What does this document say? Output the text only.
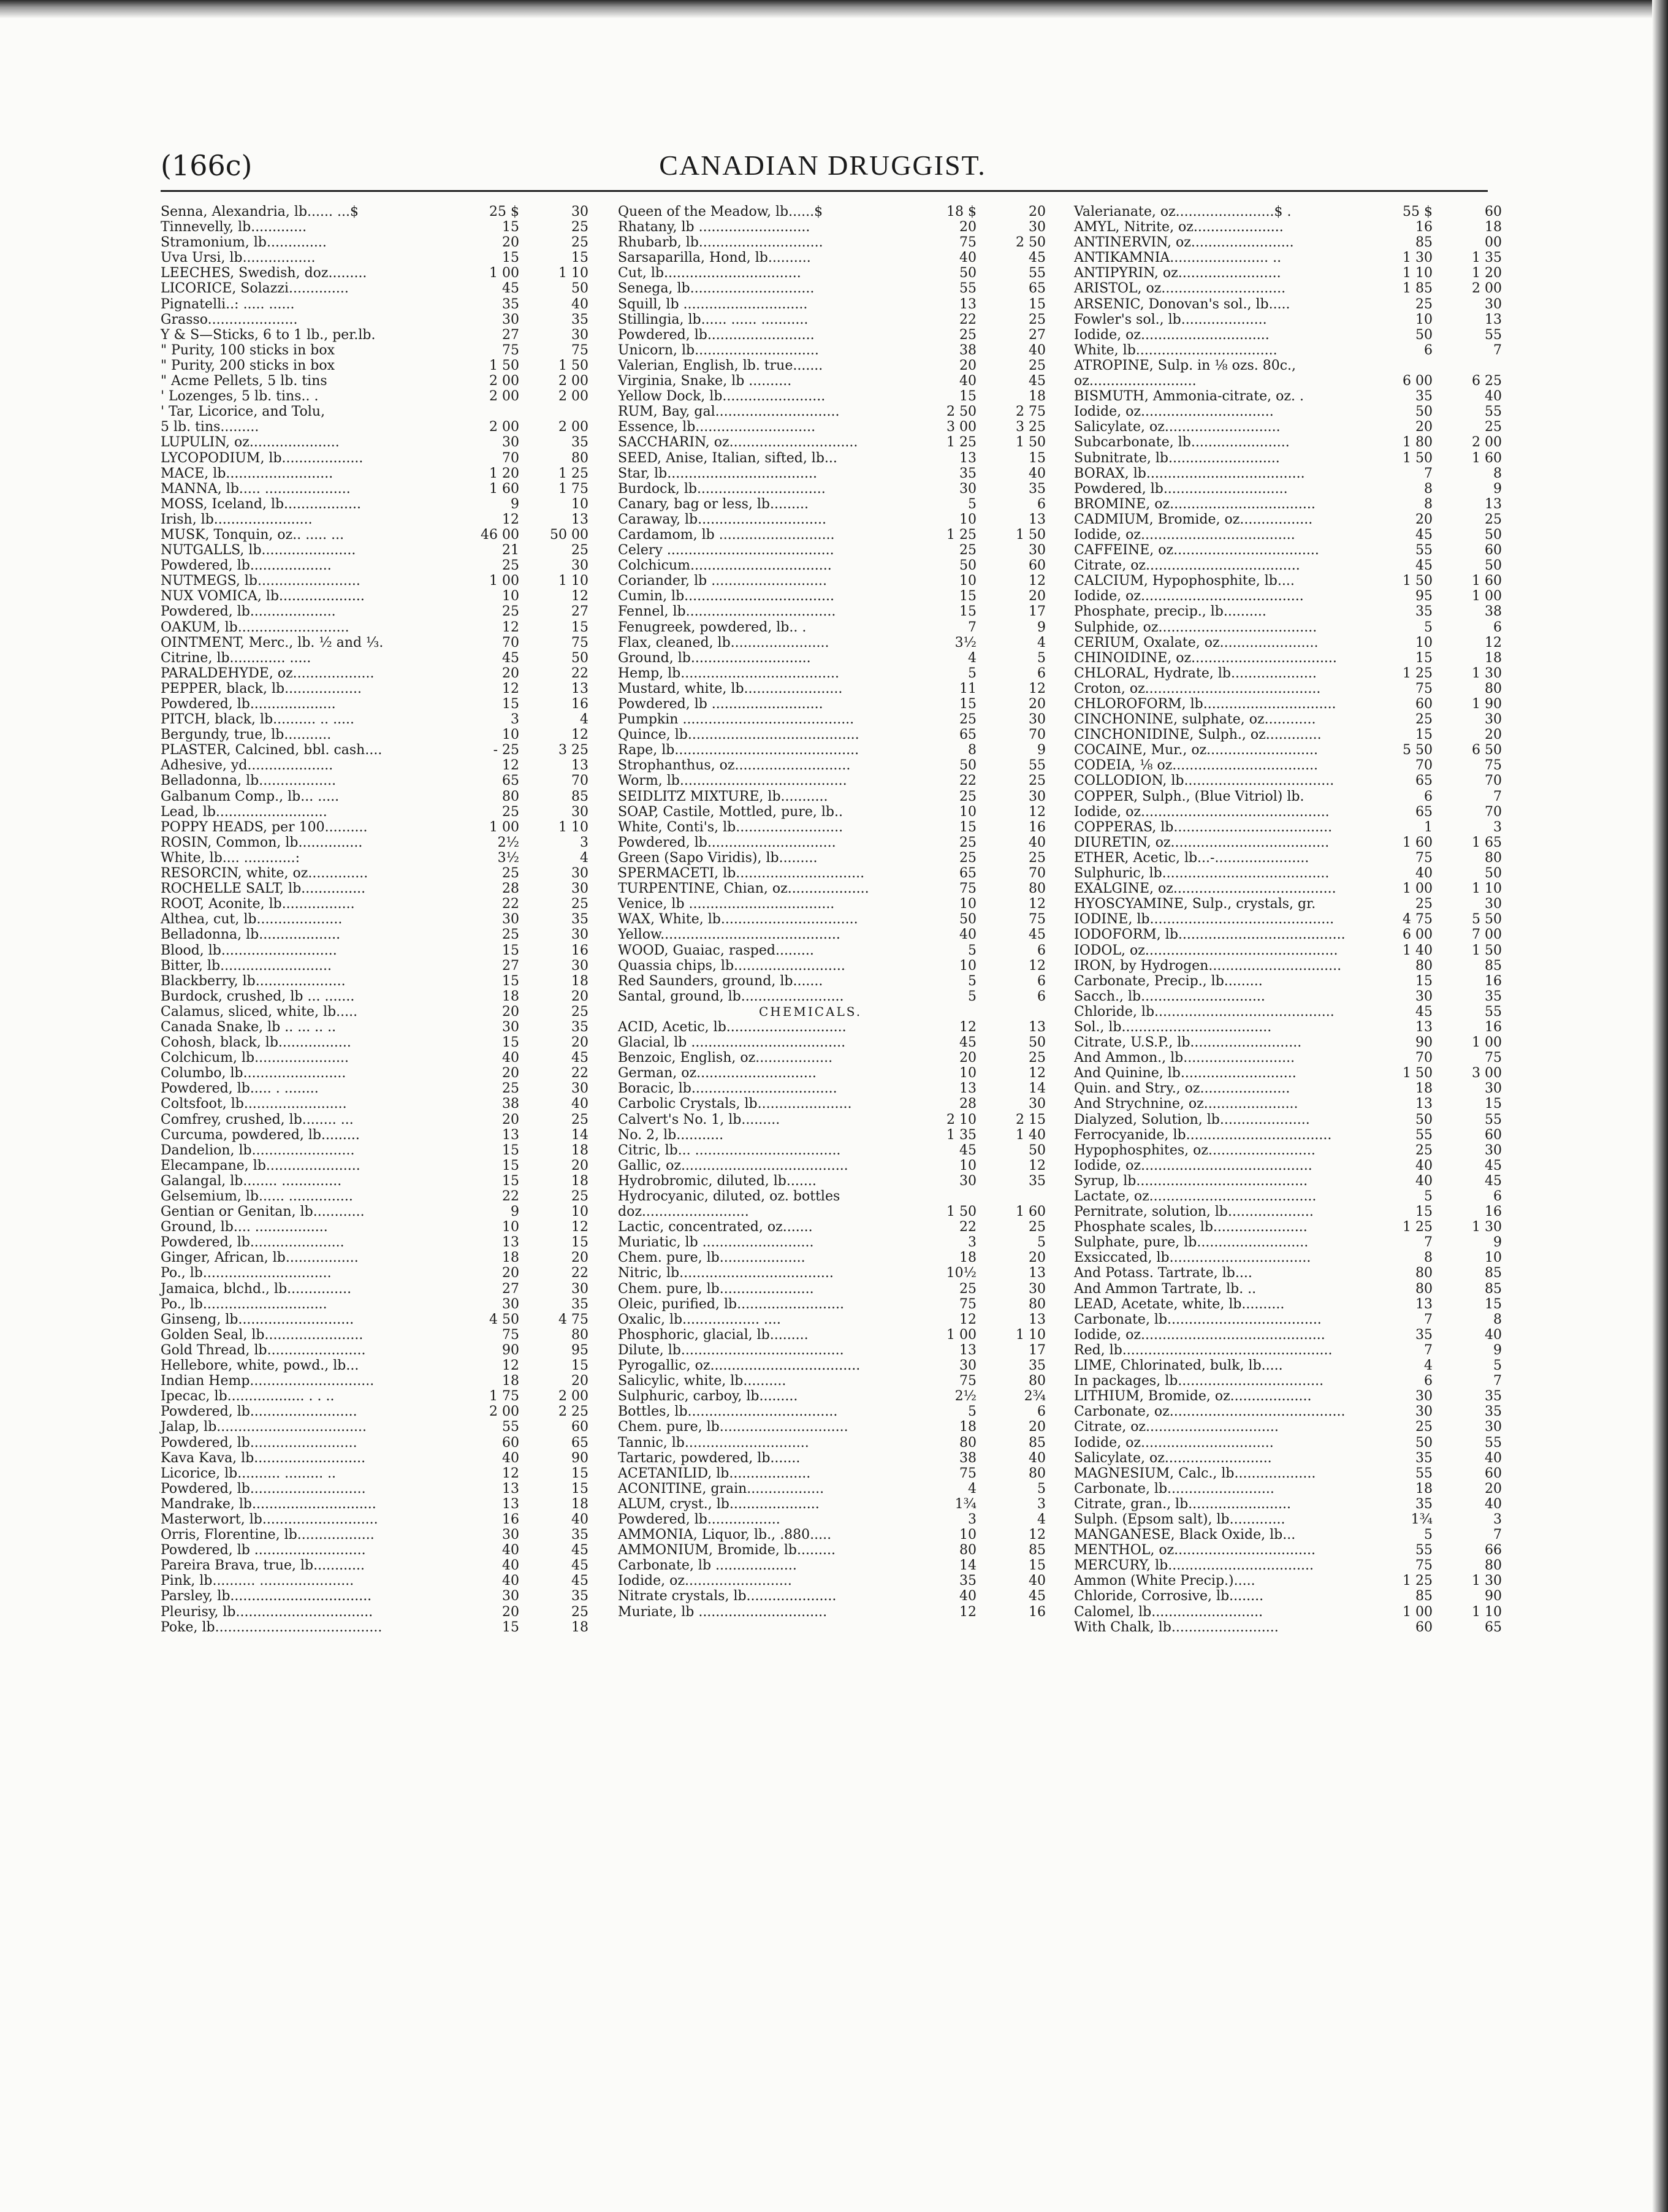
(166c)	CANADIAN DRUGGIST.
Senna, Alexandria, lb...... ...$	25 $	30
Tinnevelly, lb.............	15	25
Stramonium, lb..............	20	25
Uva Ursi, lb.................	15	15
LEECHES, Swedish, doz.........	1 00	1 10
LICORICE, Solazzi..............	45	50
Pignatelli..: ..... ......	35	40
Grasso.....................	30	35
Y & S—Sticks, 6 to 1 lb., per.lb.	27	30
" Purity, 100 sticks in box	75	75
" Purity, 200 sticks in box	1 50	1 50
" Acme Pellets, 5 lb. tins	2 00	2 00
' Lozenges, 5 lb. tins.. .	2 00	2 00
' Tar, Licorice, and Tolu,
5 lb. tins.........	2 00	2 00
LUPULIN, oz.....................	30	35
LYCOPODIUM, lb...................	70	80
MACE, lb.........................	1 20	1 25
MANNA, lb..... ....................	1 60	1 75
MOSS, Iceland, lb..................	9	10
Irish, lb.......................	12	13
MUSK, Tonquin, oz.. ..... ...	46 00	50 00
NUTGALLS, lb......................	21	25
Powdered, lb...................	25	30
NUTMEGS, lb........................	1 00	1 10
NUX VOMICA, lb....................	10	12
Powdered, lb....................	25	27
OAKUM, lb..........................	12	15
OINTMENT, Merc., lb. ½ and ⅓.	70	75
Citrine, lb............. .....	45	50
PARALDEHYDE, oz...................	20	22
PEPPER, black, lb..................	12	13
Powdered, lb....................	15	16
PITCH, black, lb.......... .. .....	3	4
Bergundy, true, lb...........	10	12
PLASTER, Calcined, bbl. cash....	- 25	3 25
Adhesive, yd....................	12	13
Belladonna, lb..................	65	70
Galbanum Comp., lb... .....	80	85
Lead, lb..........................	25	30
POPPY HEADS, per 100..........	1 00	1 10
ROSIN, Common, lb...............	2½	3
White, lb.... ............:	3½	4
RESORCIN, white, oz..............	25	30
ROCHELLE SALT, lb...............	28	30
ROOT, Aconite, lb.................	22	25
Althea, cut, lb....................	30	35
Belladonna, lb...................	25	30
Blood, lb...........................	15	16
Bitter, lb..........................	27	30
Blackberry, lb.....................	15	18
Burdock, crushed, lb ... .......	18	20
Calamus, sliced, white, lb.....	20	25
Canada Snake, lb .. ... .. ..	30	35
Cohosh, black, lb.................	15	20
Colchicum, lb......................	40	45
Columbo, lb........................	20	22
Powdered, lb..... . ........	25	30
Coltsfoot, lb........................	38	40
Comfrey, crushed, lb........ ...	20	25
Curcuma, powdered, lb.........	13	14
Dandelion, lb........................	15	18
Elecampane, lb......................	15	20
Galangal, lb........ ..............	15	18
Gelsemium, lb...... ...............	22	25
Gentian or Genitan, lb............	9	10
Ground, lb.... .................	10	12
Powdered, lb......................	13	15
Ginger, African, lb.................	18	20
Po., lb..............................	20	22
Jamaica, blchd., lb...............	27	30
Po., lb.............................	30	35
Ginseng, lb...........................	4 50	4 75
Golden Seal, lb.......................	75	80
Gold Thread, lb.......................	90	95
Hellebore, white, powd., lb...	12	15
Indian Hemp.............................	18	20
Ipecac, lb.................. . . ..	1 75	2 00
Powdered, lb.........................	2 00	2 25
Jalap, lb...................................	55	60
Powdered, lb.........................	60	65
Kava Kava, lb..........................	40	90
Licorice, lb.......... ......... ..	12	15
Powdered, lb...........................	13	15
Mandrake, lb.............................	13	18
Masterwort, lb...........................	16	40
Orris, Florentine, lb..................	30	35
Powdered, lb ..........................	40	45
Pareira Brava, true, lb............	40	45
Pink, lb.......... ......................	40	45
Parsley, lb.................................	30	35
Pleurisy, lb................................	20	25
Poke, lb.......................................	15	18
Queen of the Meadow, lb......$	18 $	20
Rhatany, lb ..........................	20	30
Rhubarb, lb.............................	75	2 50
Sarsaparilla, Hond, lb..........	40	45
Cut, lb................................	50	55
Senega, lb.............................	55	65
Squill, lb .............................	13	15
Stillingia, lb...... ...... ...........	22	25
Powdered, lb.........................	25	27
Unicorn, lb.............................	38	40
Valerian, English, lb. true.......	20	25
Virginia, Snake, lb ..........	40	45
Yellow Dock, lb........................	15	18
RUM, Bay, gal.............................	2 50	2 75
Essence, lb............................	3 00	3 25
SACCHARIN, oz..............................	1 25	1 50
SEED, Anise, Italian, sifted, lb...	13	15
Star, lb...................................	35	40
Burdock, lb..............................	30	35
Canary, bag or less, lb.........	5	6
Caraway, lb..............................	10	13
Cardamom, lb ...........................	1 25	1 50
Celery .......................................	25	30
Colchicum.................................	50	60
Coriander, lb ...........................	10	12
Cumin, lb...................................	15	20
Fennel, lb...................................	15	17
Fenugreek, powdered, lb.. .	7	9
Flax, cleaned, lb.......................	3½	4
Ground, lb............................	4	5
Hemp, lb.....................................	5	6
Mustard, white, lb.......................	11	12
Powdered, lb ..........................	15	20
Pumpkin ........................................	25	30
Quince, lb........................................	65	70
Rape, lb...........................................	8	9
Strophanthus, oz...........................	50	55
Worm, lb.......................................	22	25
SEIDLITZ MIXTURE, lb...........	25	30
SOAP, Castile, Mottled, pure, lb..	10	12
White, Conti's, lb.........................	15	16
Powdered, lb..............................	25	40
Green (Sapo Viridis), lb.........	25	25
SPERMACETI, lb..............................	65	70
TURPENTINE, Chian, oz...................	75	80
Venice, lb ..................................	10	12
WAX, White, lb................................	50	75
Yellow..........................................	40	45
WOOD, Guaiac, rasped.........	5	6
Quassia chips, lb..........................	10	12
Red Saunders, ground, lb.......	5	6
Santal, ground, lb........................	5	6
CHEMICALS.
ACID, Acetic, lb............................	12	13
Glacial, lb ....................................	45	50
Benzoic, English, oz..................	20	25
German, oz............................	10	12
Boracic, lb..................................	13	14
Carbolic Crystals, lb......................	28	30
Calvert's No. 1, lb.........	2 10	2 15
No. 2, lb...........	1 35	1 40
Citric, lb... ..................................	45	50
Gallic, oz.......................................	10	12
Hydrobromic, diluted, lb.......	30	35
Hydrocyanic, diluted, oz. bottles
doz.........................	1 50	1 60
Lactic, concentrated, oz.......	22	25
Muriatic, lb ..........................	3	5
Chem. pure, lb....................	18	20
Nitric, lb....................................	10½	13
Chem. pure, lb......................	25	30
Oleic, purified, lb.........................	75	80
Oxalic, lb.................. ....	12	13
Phosphoric, glacial, lb.........	1 00	1 10
Dilute, lb......................................	13	17
Pyrogallic, oz...................................	30	35
Salicylic, white, lb..........	75	80
Sulphuric, carboy, lb.........	2½	2¾
Bottles, lb...................................	5	6
Chem. pure, lb..............................	18	20
Tannic, lb.............................	80	85
Tartaric, powdered, lb.......	38	40
ACETANILID, lb...................	75	80
ACONITINE, grain..................	4	5
ALUM, cryst., lb.....................	1¾	3
Powdered, lb.................	3	4
AMMONIA, Liquor, lb., .880.....	10	12
AMMONIUM, Bromide, lb.........	80	85
Carbonate, lb ...................	14	15
Iodide, oz.........................	35	40
Nitrate crystals, lb.....................	40	45
Muriate, lb ..............................	12	16
Valerianate, oz.......................$ .	55 $	60
AMYL, Nitrite, oz.....................	16	18
ANTINERVIN, oz........................	85	00
ANTIKAMNIA....................... ..	1 30	1 35
ANTIPYRIN, oz........................	1 10	1 20
ARISTOL, oz.............................	1 85	2 00
ARSENIC, Donovan's sol., lb.....	25	30
Fowler's sol., lb....................	10	13
Iodide, oz..............................	50	55
White, lb.................................	6	7
ATROPINE, Sulp. in ⅛ ozs. 80c.,
oz.........................	6 00	6 25
BISMUTH, Ammonia-citrate, oz. .	35	40
Iodide, oz...............................	50	55
Salicylate, oz...........................	20	25
Subcarbonate, lb.......................	1 80	2 00
Subnitrate, lb..........................	1 50	1 60
BORAX, lb.....................................	7	8
Powdered, lb.............................	8	9
BROMINE, oz..................................	8	13
CADMIUM, Bromide, oz.................	20	25
Iodide, oz....................................	45	50
CAFFEINE, oz..................................	55	60
Citrate, oz....................................	45	50
CALCIUM, Hypophosphite, lb....	1 50	1 60
Iodide, oz......................................	95	1 00
Phosphate, precip., lb..........	35	38
Sulphide, oz.....................................	5	6
CERIUM, Oxalate, oz.......................	10	12
CHINOIDINE, oz..................................	15	18
CHLORAL, Hydrate, lb....................	1 25	1 30
Croton, oz.........................................	75	80
CHLOROFORM, lb...............................	60	1 90
CINCHONINE, sulphate, oz............	25	30
CINCHONIDINE, Sulph., oz.............	15	20
COCAINE, Mur., oz..........................	5 50	6 50
CODEIA, ⅛ oz..................................	70	75
COLLODION, lb...................................	65	70
COPPER, Sulph., (Blue Vitriol) lb.	6	7
Iodide, oz............................................	65	70
COPPERAS, lb.....................................	1	3
DIURETIN, oz.....................................	1 60	1 65
ETHER, Acetic, lb...-......................	75	80
Sulphuric, lb.......................................	40	50
EXALGINE, oz......................................	1 00	1 10
HYOSCYAMINE, Sulp., crystals, gr.	25	30
IODINE, lb...........................................	4 75	5 50
IODOFORM, lb.......................................	6 00	7 00
IODOL, oz.............................................	1 40	1 50
IRON, by Hydrogen...............................	80	85
Carbonate, Precip., lb.........	15	16
Sacch., lb.............................	30	35
Chloride, lb..........................................	45	55
Sol., lb...................................	13	16
Citrate, U.S.P., lb..........................	90	1 00
And Ammon., lb..........................	70	75
And Quinine, lb...........................	1 50	3 00
Quin. and Stry., oz.....................	18	30
And Strychnine, oz......................	13	15
Dialyzed, Solution, lb.....................	50	55
Ferrocyanide, lb..................................	55	60
Hypophosphites, oz.........................	25	30
Iodide, oz........................................	40	45
Syrup, lb........................................	40	45
Lactate, oz.......................................	5	6
Pernitrate, solution, lb....................	15	16
Phosphate scales, lb......................	1 25	1 30
Sulphate, pure, lb..........................	7	9
Exsiccated, lb.................................	8	10
And Potass. Tartrate, lb....	80	85
And Ammon Tartrate, lb. ..	80	85
LEAD, Acetate, white, lb..........	13	15
Carbonate, lb....................................	7	8
Iodide, oz...........................................	35	40
Red, lb.................................................	7	9
LIME, Chlorinated, bulk, lb.....	4	5
In packages, lb..................................	6	7
LITHIUM, Bromide, oz...................	30	35
Carbonate, oz.........................................	30	35
Citrate, oz...............................	25	30
Iodide, oz...............................	50	55
Salicylate, oz.........................	35	40
MAGNESIUM, Calc., lb...................	55	60
Carbonate, lb.........................	18	20
Citrate, gran., lb........................	35	40
Sulph. (Epsom salt), lb.............	1¾	3
MANGANESE, Black Oxide, lb...	5	7
MENTHOL, oz.................................	55	66
MERCURY, lb..................................	75	80
Ammon (White Precip.).....	1 25	1 30
Chloride, Corrosive, lb........	85	90
Calomel, lb..........................	1 00	1 10
With Chalk, lb.........................	60	65
